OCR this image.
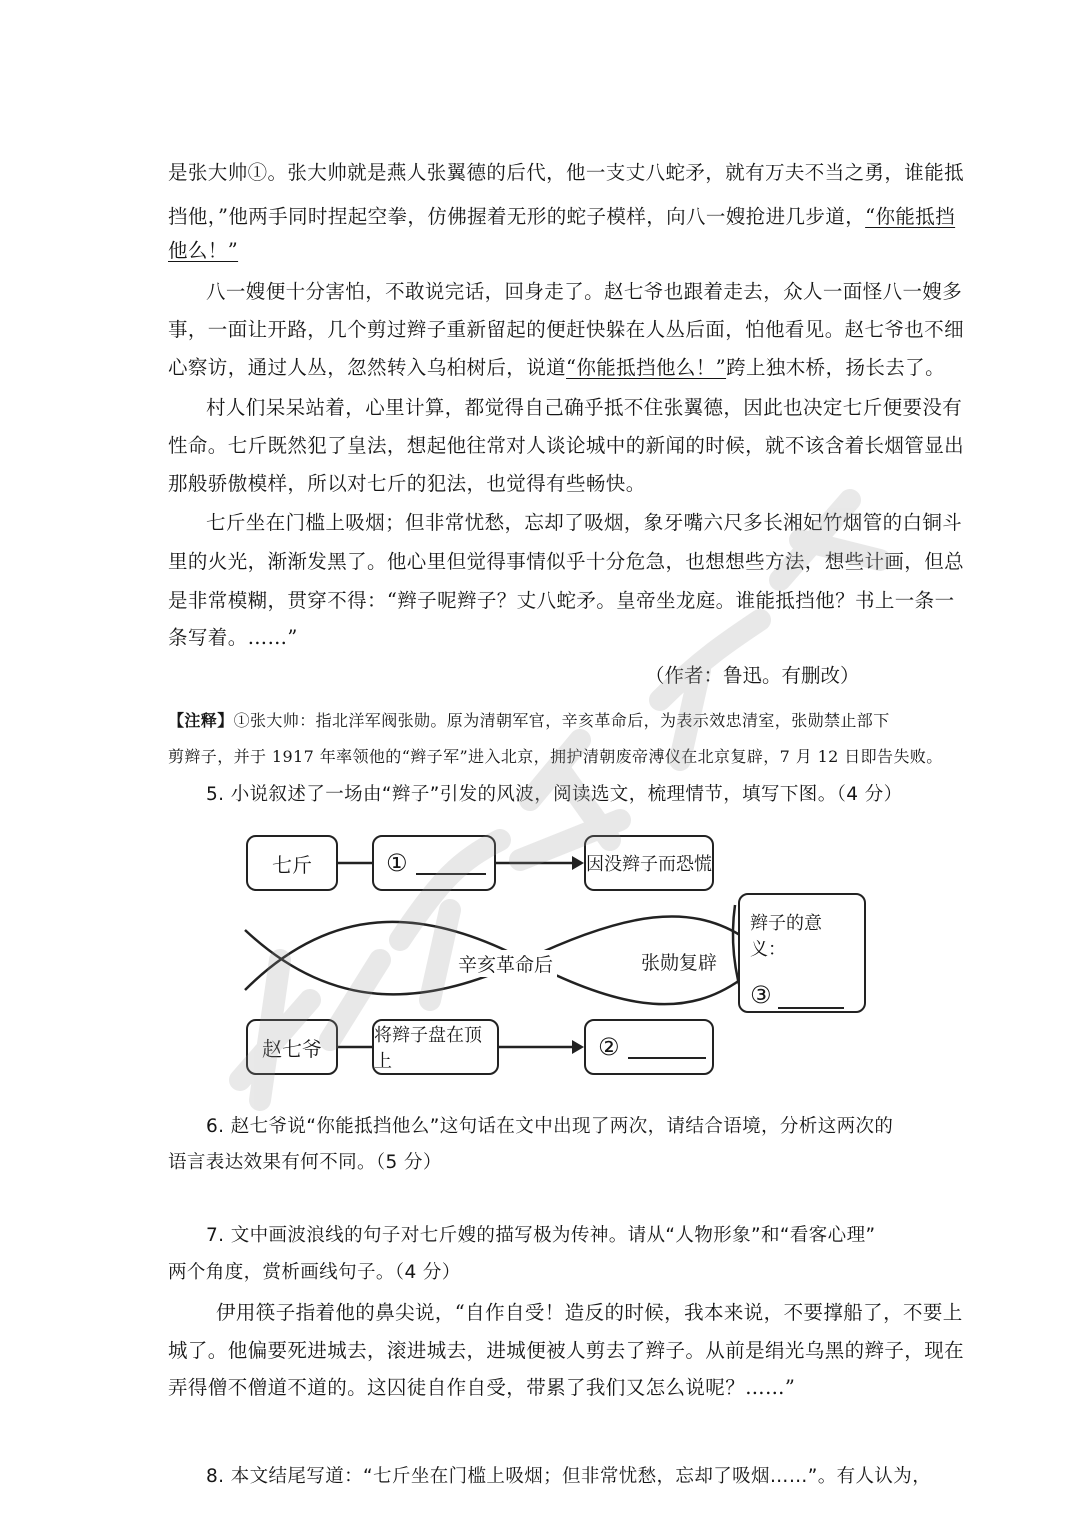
是张大帅①。张大帅就是燕人张翼德的后代，他一支丈八蛇矛，就有万夫不当之勇，谁能抵
挡他，”他两手同时捏起空拳，仿佛握着无形的蛇子模样，向八一嫂抢进几步道，“你能抵挡
他么！”
八一嫂便十分害怕，不敢说完话，回身走了。赵七爷也跟着走去，众人一面怪八一嫂多
事，一面让开路，几个剪过辫子重新留起的便赶快躲在人丛后面，怕他看见。赵七爷也不细
心察访，通过人丛，忽然转入乌桕树后，说道“你能抵挡他么！”跨上独木桥，扬长去了。
村人们呆呆站着，心里计算，都觉得自己确乎抵不住张翼德，因此也决定七斤便要没有
性命。七斤既然犯了皇法，想起他往常对人谈论城中的新闻的时候，就不该含着长烟管显出
那般骄傲模样，所以对七斤的犯法，也觉得有些畅快。
七斤坐在门槛上吸烟；但非常忧愁，忘却了吸烟，象牙嘴六尺多长湘妃竹烟管的白铜斗
里的火光，渐渐发黑了。他心里但觉得事情似乎十分危急，也想想些方法，想些计画，但总
是非常模糊，贯穿不得：“辫子呢辫子？丈八蛇矛。皇帝坐龙庭。谁能抵挡他？书上一条一
条写着。……”
（作者：鲁迅。有删改）
【注释】①张大帅：指北洋军阀张勋。原为清朝军官，辛亥革命后，为表示效忠清室，张勋禁止部下
剪辫子，并于 1917 年率领他的“辫子军”进入北京，拥护清朝废帝溥仪在北京复辟，7 月 12 日即告失败。
5. 小说叙述了一场由“辫子”引发的风波，阅读选文，梳理情节，填写下图。（4 分）
七斤	①	因没辫子而恐慌
辫子的意义：
③
辛亥革命后	张勋复辟
赵七爷
将辫子盘在顶上
②
6. 赵七爷说“你能抵挡他么”这句话在文中出现了两次，请结合语境，分析这两次的
语言表达效果有何不同。（5 分）
7. 文中画波浪线的句子对七斤嫂的描写极为传神。请从“人物形象”和“看客心理”
两个角度，赏析画线句子。（4 分）
伊用筷子指着他的鼻尖说，“自作自受！造反的时候，我本来说，不要撑船了，不要上
城了。他偏要死进城去，滚进城去，进城便被人剪去了辫子。从前是绢光乌黑的辫子，现在
弄得僧不僧道不道的。这囚徒自作自受，带累了我们又怎么说呢？……”
8. 本文结尾写道：“七斤坐在门槛上吸烟；但非常忧愁，忘却了吸烟……”。有人认为，
